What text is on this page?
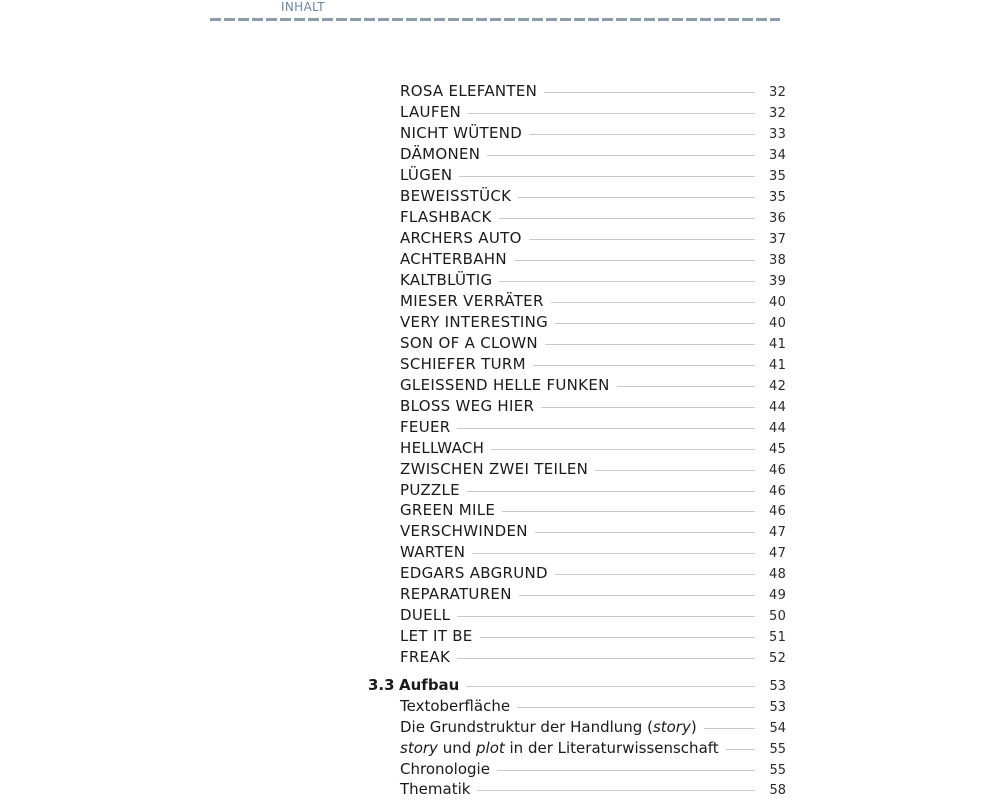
INHALT
ROSA ELEFANTEN	32
LAUFEN	32
NICHT WÜTEND	33
DÄMONEN	34
LÜGEN	35
BEWEISSTÜCK	35
FLASHBACK	36
ARCHERS AUTO	37
ACHTERBAHN	38
KALTBLÜTIG	39
MIESER VERRÄTER	40
VERY INTERESTING	40
SON OF A CLOWN	41
SCHIEFER TURM	41
GLEISSEND HELLE FUNKEN	42
BLOSS WEG HIER	44
FEUER	44
HELLWACH	45
ZWISCHEN ZWEI TEILEN	46
PUZZLE	46
GREEN MILE	46
VERSCHWINDEN	47
WARTEN	47
EDGARS ABGRUND	48
REPARATUREN	49
DUELL	50
LET IT BE	51
FREAK	52
3.3 Aufbau	53
Textoberfläche	53
Die Grundstruktur der Handlung (story)	54
story und plot in der Literaturwissenschaft	55
Chronologie	55
Thematik	58
